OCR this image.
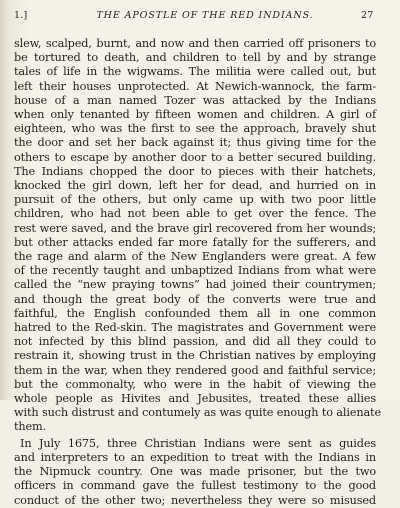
1.]	THE APOSTLE OF THE RED INDIANS.	27
slew, scalped, burnt, and now and then carried off prisoners to
be tortured to death, and children to tell by and by strange
tales of life in the wigwams. The militia were called out, but
left their houses unprotected. At Newich-wannock, the farm-
house of a man named Tozer was attacked by the Indians
when only tenanted by fifteen women and children. A girl of
eighteen, who was the first to see the approach, bravely shut
the door and set her back against it; thus giving time for the
others to escape by another door to a better secured building.
The Indians chopped the door to pieces with their hatchets,
knocked the girl down, left her for dead, and hurried on in
pursuit of the others, but only came up with two poor little
children, who had not been able to get over the fence. The
rest were saved, and the brave girl recovered from her wounds;
but other attacks ended far more fatally for the sufferers, and
the rage and alarm of the New Englanders were great. A few
of the recently taught and unbaptized Indians from what were
called the “new praying towns” had joined their countrymen;
and though the great body of the converts were true and
faithful, the English confounded them all in one common
hatred to the Red-skin. The magistrates and Government were
not infected by this blind passion, and did all they could to
restrain it, showing trust in the Christian natives by employing
them in the war, when they rendered good and faithful service;
but the commonalty, who were in the habit of viewing the
whole people as Hivites and Jebusites, treated these allies
with such distrust and contumely as was quite enough to alienate
them.
In July 1675, three Christian Indians were sent as guides
and interpreters to an expedition to treat with the Indians in
the Nipmuck country. One was made prisoner, but the two
officers in command gave the fullest testimony to the good
conduct of the other two; nevertheless they were so misused
